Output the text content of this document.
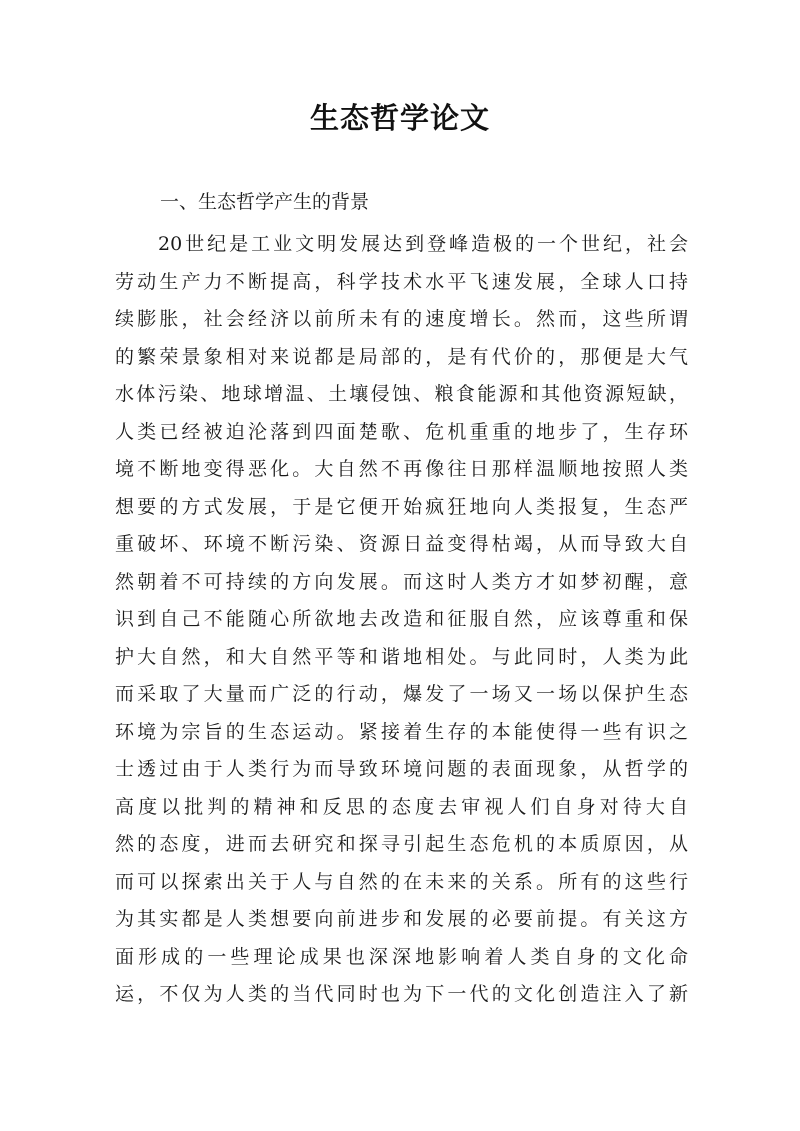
生态哲学论文
一、生态哲学产生的背景
20世纪是工业文明发展达到登峰造极的一个世纪，社会
劳动生产力不断提高，科学技术水平飞速发展，全球人口持
续膨胀，社会经济以前所未有的速度增长。然而，这些所谓
的繁荣景象相对来说都是局部的，是有代价的，那便是大气
水体污染、地球增温、土壤侵蚀、粮食能源和其他资源短缺，
人类已经被迫沦落到四面楚歌、危机重重的地步了，生存环
境不断地变得恶化。大自然不再像往日那样温顺地按照人类
想要的方式发展，于是它便开始疯狂地向人类报复，生态严
重破坏、环境不断污染、资源日益变得枯竭，从而导致大自
然朝着不可持续的方向发展。而这时人类方才如梦初醒，意
识到自己不能随心所欲地去改造和征服自然，应该尊重和保
护大自然，和大自然平等和谐地相处。与此同时，人类为此
而采取了大量而广泛的行动，爆发了一场又一场以保护生态
环境为宗旨的生态运动。紧接着生存的本能使得一些有识之
士透过由于人类行为而导致环境问题的表面现象，从哲学的
高度以批判的精神和反思的态度去审视人们自身对待大自
然的态度，进而去研究和探寻引起生态危机的本质原因，从
而可以探索出关于人与自然的在未来的关系。所有的这些行
为其实都是人类想要向前进步和发展的必要前提。有关这方
面形成的一些理论成果也深深地影响着人类自身的文化命
运，不仅为人类的当代同时也为下一代的文化创造注入了新
